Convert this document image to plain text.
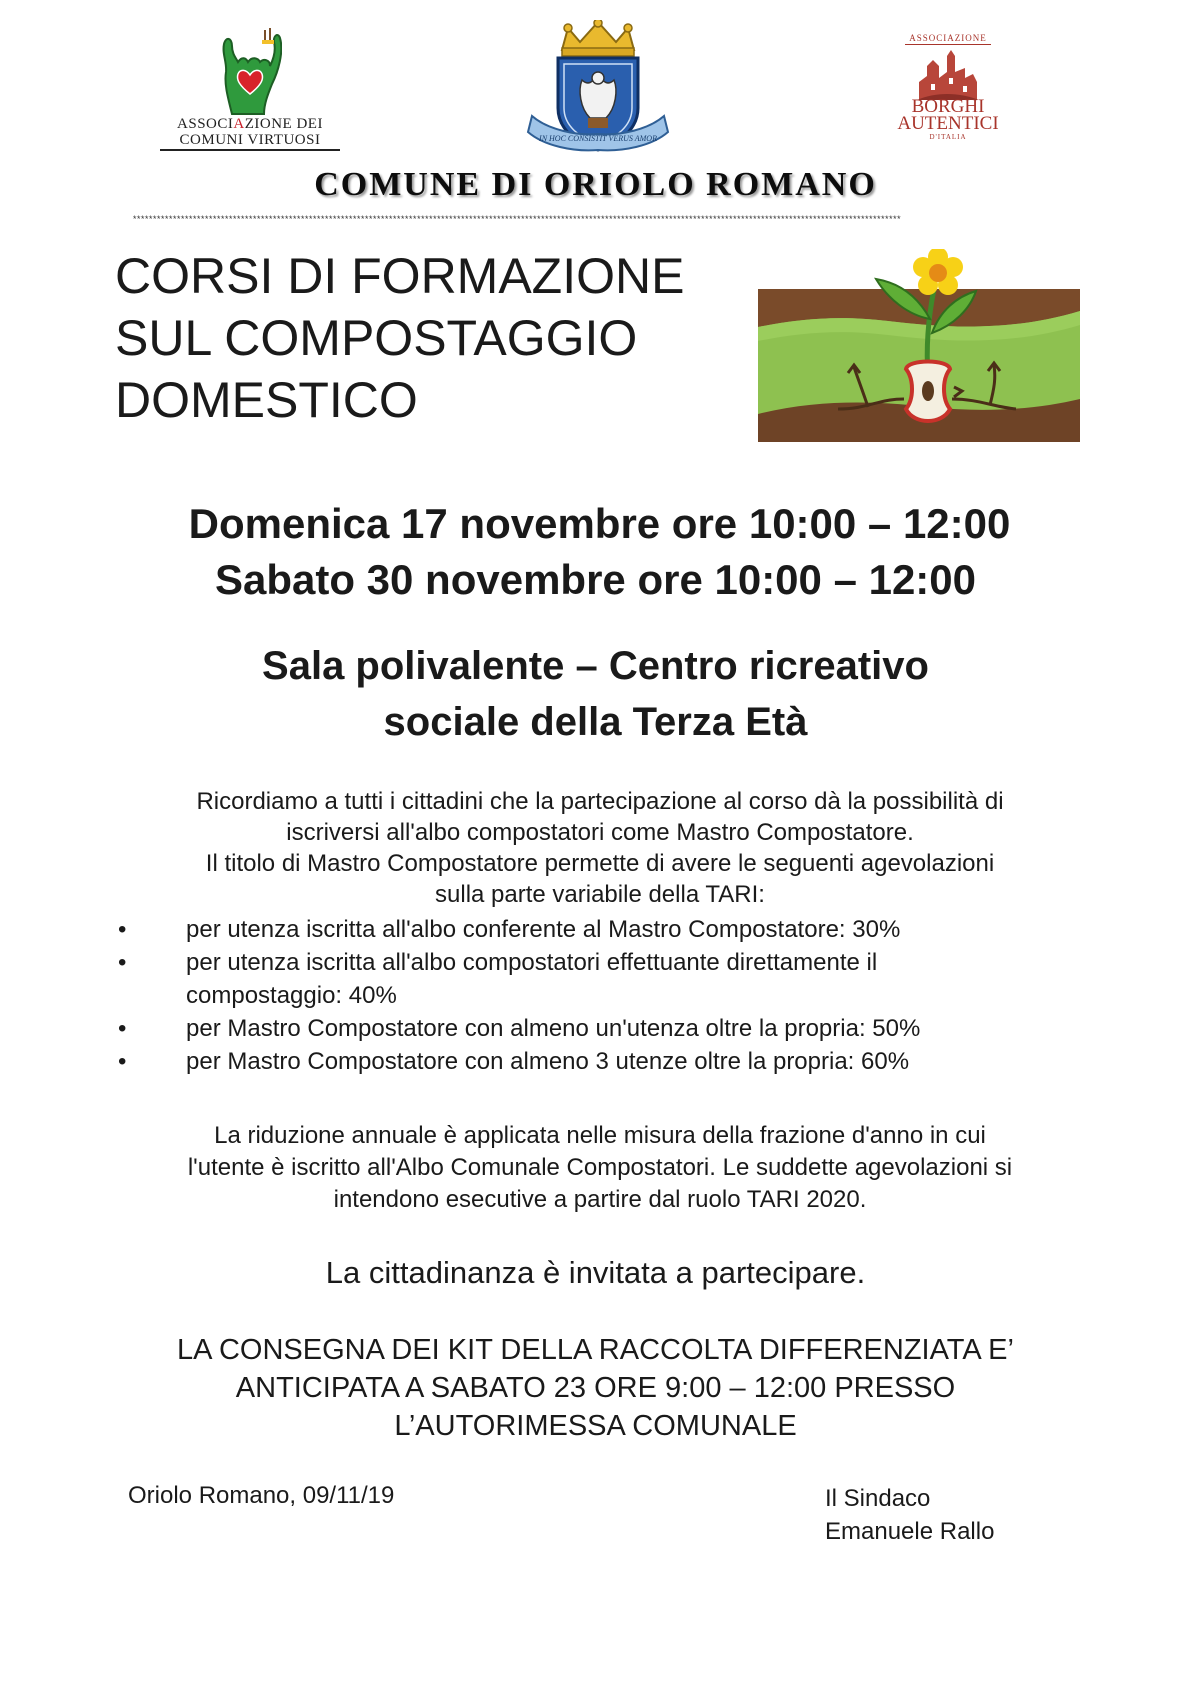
ASSOCIAZIONE DEI
COMUNI VIRTUOSI	IN HOC CONSISTIT VERUS AMOR
ASSOCIAZIONE
BORGHI
AUTENTICI
D'ITALIA
COMUNE DI ORIOLO ROMANO
************************************************************************************************************************************************************************************************
CORSI DI FORMAZIONE
SUL COMPOSTAGGIO
DOMESTICO
Domenica 17 novembre ore 10:00 – 12:00
Sabato 30 novembre ore 10:00 – 12:00
Sala polivalente – Centro ricreativo
sociale della Terza Età
Ricordiamo a tutti i cittadini che la partecipazione al corso dà la possibilità di
iscriversi all'albo compostatori come Mastro Compostatore.
Il titolo di Mastro Compostatore permette di avere le seguenti agevolazioni
sulla parte variabile della TARI:
• per utenza iscritta all'albo conferente al Mastro Compostatore: 30%
• per utenza iscritta all'albo compostatori effettuante direttamente il
compostaggio: 40%
• per Mastro Compostatore con almeno un'utenza oltre la propria: 50%
• per Mastro Compostatore con almeno 3 utenze oltre la propria: 60%
La riduzione annuale è applicata nelle misura della frazione d'anno in cui
l'utente è iscritto all'Albo Comunale Compostatori. Le suddette agevolazioni si
intendono esecutive a partire dal ruolo TARI 2020.
La cittadinanza è invitata a partecipare.
LA CONSEGNA DEI KIT DELLA RACCOLTA DIFFERENZIATA E’
ANTICIPATA A SABATO 23 ORE 9:00 – 12:00 PRESSO
L’AUTORIMESSA COMUNALE
Oriolo Romano, 09/11/19	Il Sindaco
Emanuele Rallo
